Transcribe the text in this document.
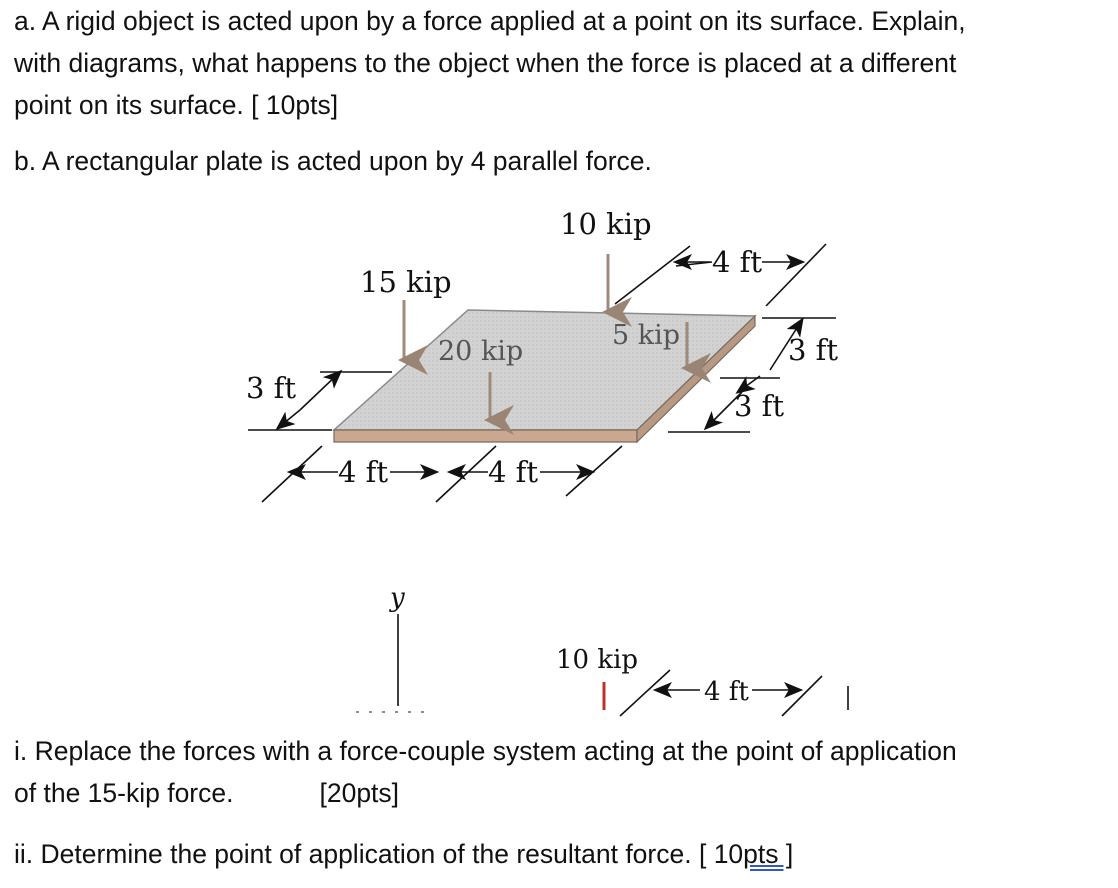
a. A rigid object is acted upon by a force applied at a point on its surface. Explain,
with diagrams, what happens to the object when the force is placed at a different
point on its surface. [ 10pts]

b. A rectangular plate is acted upon by 4 parallel force.

10 kip
15 kip
20 kip
5 kip
4 ft
3 ft
3 ft
3 ft
4 ft	4 ft
y
10 kip
4 ft

i. Replace the forces with a force-couple system acting at the point of application
of the 15-kip force.	[20pts]

ii. Determine the point of application of the resultant force. [ 10pts ]
